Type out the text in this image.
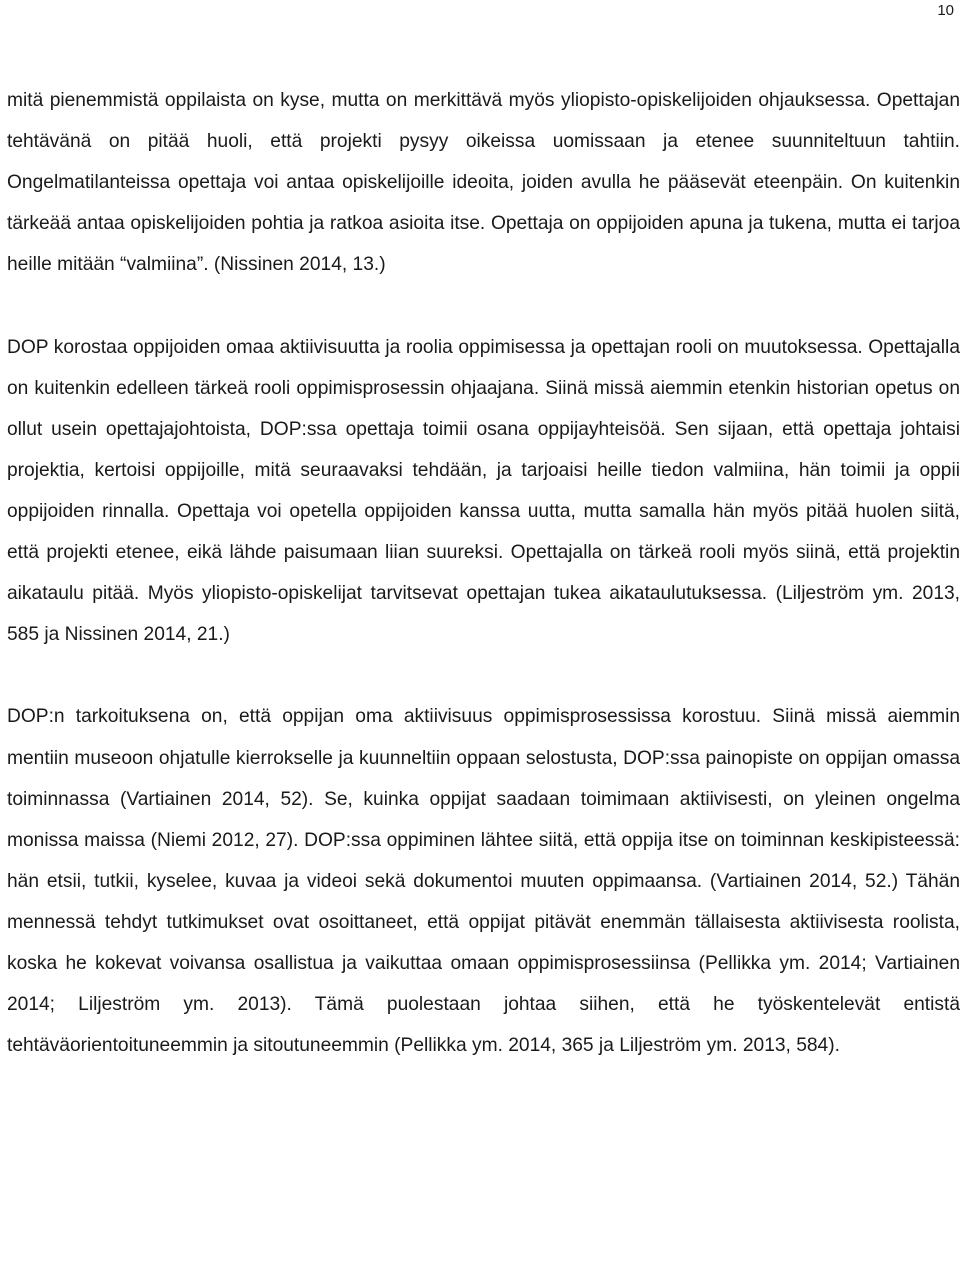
10

mitä pienemmistä oppilaista on kyse, mutta on merkittävä myös yliopisto-opiskelijoiden ohjauksessa. Opettajan tehtävänä on pitää huoli, että projekti pysyy oikeissa uomissaan ja etenee suunniteltuun tahtiin. Ongelmatilanteissa opettaja voi antaa opiskelijoille ideoita, joiden avulla he pääsevät eteenpäin. On kuitenkin tärkeää antaa opiskelijoiden pohtia ja ratkoa asioita itse. Opettaja on oppijoiden apuna ja tukena, mutta ei tarjoa heille mitään “valmiina”. (Nissinen 2014, 13.)

DOP korostaa oppijoiden omaa aktiivisuutta ja roolia oppimisessa ja opettajan rooli on muutoksessa. Opettajalla on kuitenkin edelleen tärkeä rooli oppimisprosessin ohjaajana. Siinä missä aiemmin etenkin historian opetus on ollut usein opettajajohtoista, DOP:ssa opettaja toimii osana oppijayhteisöä. Sen sijaan, että opettaja johtaisi projektia, kertoisi oppijoille, mitä seuraavaksi tehdään, ja tarjoaisi heille tiedon valmiina, hän toimii ja oppii oppijoiden rinnalla. Opettaja voi opetella oppijoiden kanssa uutta, mutta samalla hän myös pitää huolen siitä, että projekti etenee, eikä lähde paisumaan liian suureksi. Opettajalla on tärkeä rooli myös siinä, että projektin aikataulu pitää. Myös yliopisto-opiskelijat tarvitsevat opettajan tukea aikataulutuksessa. (Liljeström ym. 2013, 585 ja Nissinen 2014, 21.)

DOP:n tarkoituksena on, että oppijan oma aktiivisuus oppimisprosessissa korostuu. Siinä missä aiemmin mentiin museoon ohjatulle kierrokselle ja kuunneltiin oppaan selostusta, DOP:ssa painopiste on oppijan omassa toiminnassa (Vartiainen 2014, 52). Se, kuinka oppijat saadaan toimimaan aktiivisesti, on yleinen ongelma monissa maissa (Niemi 2012, 27). DOP:ssa oppiminen lähtee siitä, että oppija itse on toiminnan keskipisteessä: hän etsii, tutkii, kyselee, kuvaa ja videoi sekä dokumentoi muuten oppimaansa. (Vartiainen 2014, 52.) Tähän mennessä tehdyt tutkimukset ovat osoittaneet, että oppijat pitävät enemmän tällaisesta aktiivisesta roolista, koska he kokevat voivansa osallistua ja vaikuttaa omaan oppimisprosessiinsa (Pellikka ym. 2014; Vartiainen 2014; Liljeström ym. 2013). Tämä puolestaan johtaa siihen, että he työskentelevät entistä tehtäväorientoituneemmin ja sitoutuneemmin (Pellikka ym. 2014, 365 ja Liljeström ym. 2013, 584).
